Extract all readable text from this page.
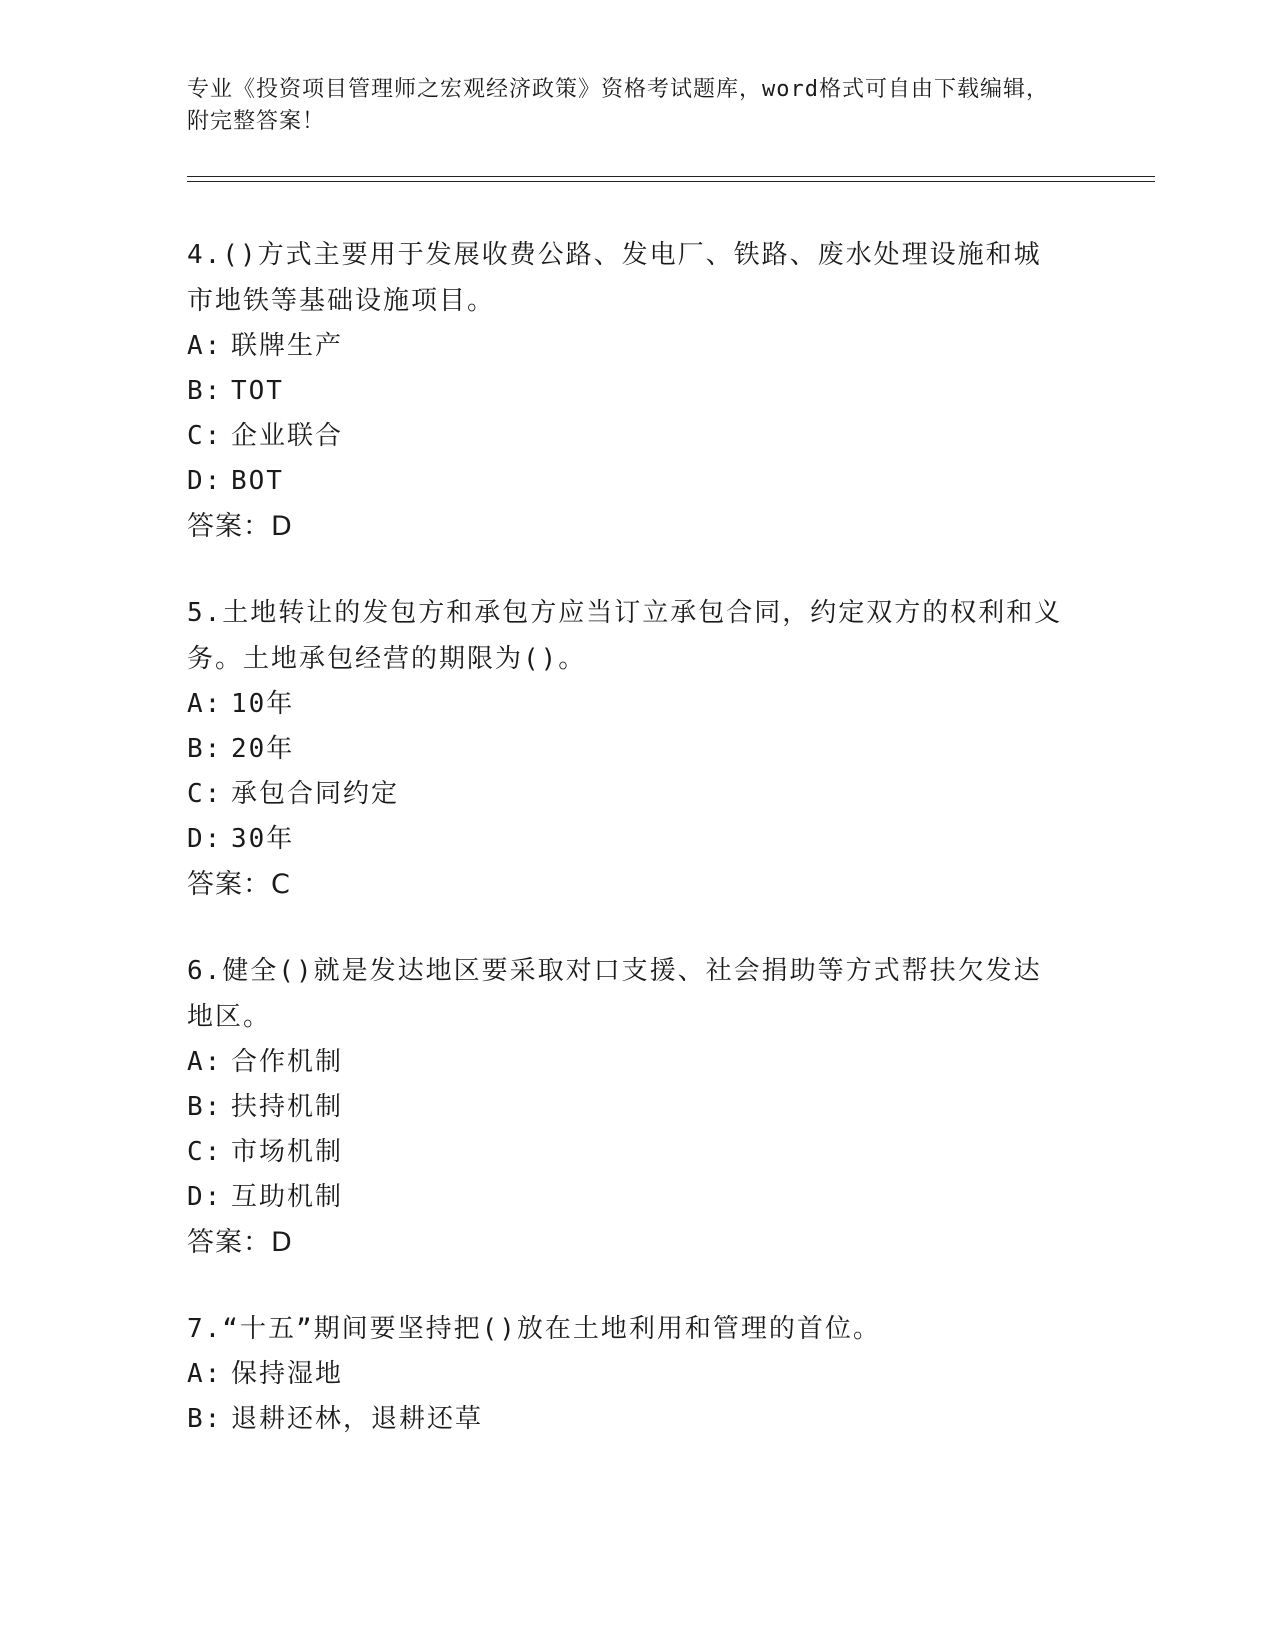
专业《投资项目管理师之宏观经济政策》资格考试题库，word格式可自由下载编辑，附完整答案！
4.()方式主要用于发展收费公路、发电厂、铁路、废水处理设施和城市地铁等基础设施项目。
A: 联牌生产
B: TOT
C: 企业联合
D: BOT
答案：D
5.土地转让的发包方和承包方应当订立承包合同，约定双方的权利和义务。土地承包经营的期限为()。
A: 10年
B: 20年
C: 承包合同约定
D: 30年
答案：C
6.健全()就是发达地区要采取对口支援、社会捐助等方式帮扶欠发达地区。
A: 合作机制
B: 扶持机制
C: 市场机制
D: 互助机制
答案：D
7.“十五”期间要坚持把()放在土地利用和管理的首位。
A: 保持湿地
B: 退耕还林，退耕还草
